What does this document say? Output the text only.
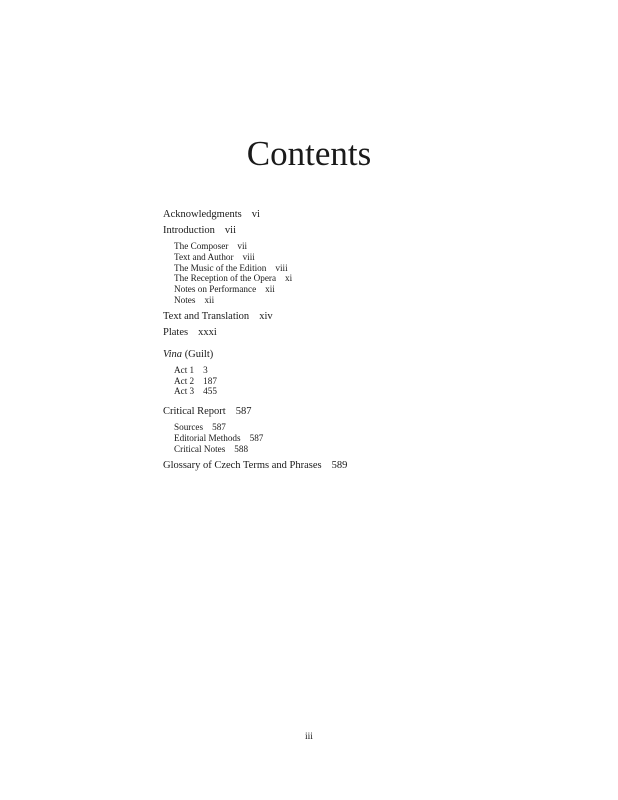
Contents
Acknowledgments vi
Introduction vii
The Composer vii
Text and Author viii
The Music of the Edition viii
The Reception of the Opera xi
Notes on Performance xii
Notes xii
Text and Translation xiv
Plates xxxi
Vina (Guilt)
Act 1 3
Act 2 187
Act 3 455
Critical Report 587
Sources 587
Editorial Methods 587
Critical Notes 588
Glossary of Czech Terms and Phrases 589
iii
